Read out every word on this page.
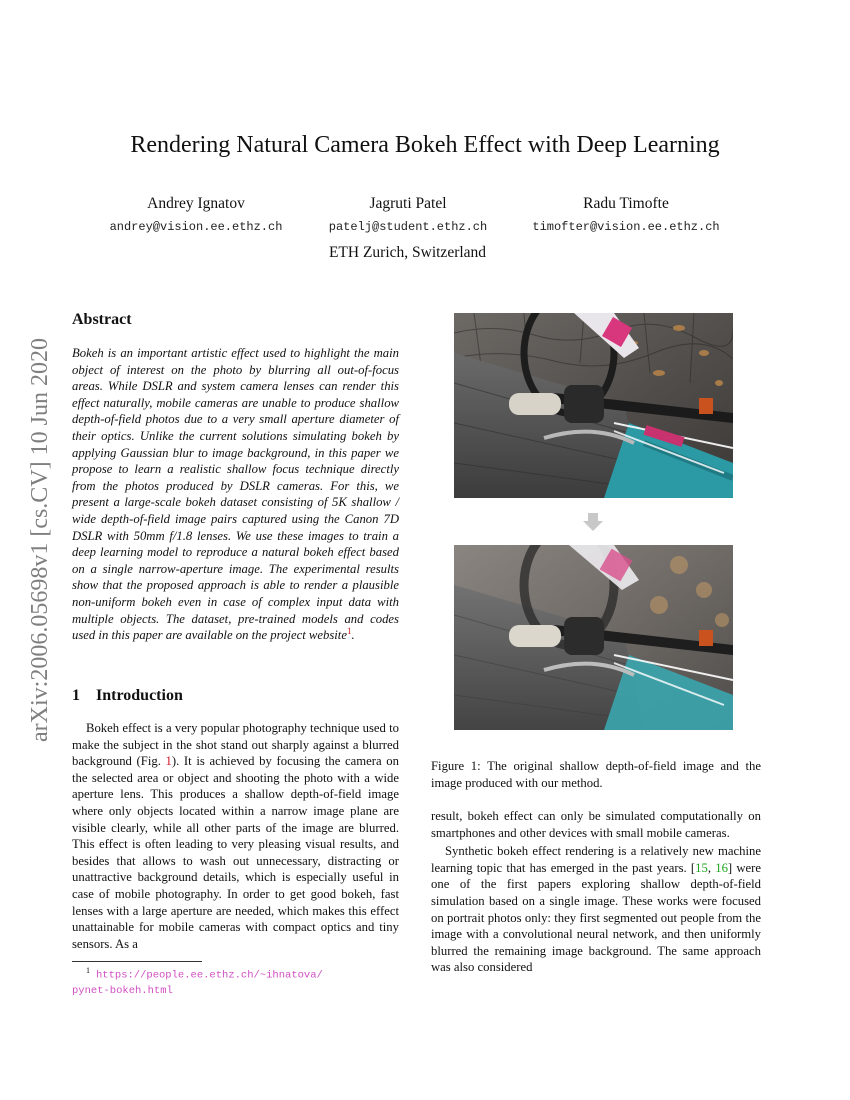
Rendering Natural Camera Bokeh Effect with Deep Learning
Andrey Ignatov
andrey@vision.ee.ethz.ch
Jagruti Patel
patelj@student.ethz.ch
Radu Timofte
timofter@vision.ee.ethz.ch
ETH Zurich, Switzerland
arXiv:2006.05698v1 [cs.CV] 10 Jun 2020
Abstract
Bokeh is an important artistic effect used to highlight the main object of interest on the photo by blurring all out-of-focus areas. While DSLR and system camera lenses can render this effect naturally, mobile cameras are unable to produce shallow depth-of-field photos due to a very small aperture diameter of their optics. Unlike the current solutions simulating bokeh by applying Gaussian blur to image background, in this paper we propose to learn a realistic shallow focus technique directly from the photos produced by DSLR cameras. For this, we present a large-scale bokeh dataset consisting of 5K shallow / wide depth-of-field image pairs captured using the Canon 7D DSLR with 50mm f/1.8 lenses. We use these images to train a deep learning model to reproduce a natural bokeh effect based on a single narrow-aperture image. The experimental results show that the proposed approach is able to render a plausible non-uniform bokeh even in case of complex input data with multiple objects. The dataset, pre-trained models and codes used in this paper are available on the project website$^1$.
1 Introduction
Bokeh effect is a very popular photography technique used to make the subject in the shot stand out sharply against a blurred background (Fig. 1). It is achieved by focusing the camera on the selected area or object and shooting the photo with a wide aperture lens. This produces a shallow depth-of-field image where only objects located within a narrow image plane are visible clearly, while all other parts of the image are blurred. This effect is often leading to very pleasing visual results, and besides that allows to wash out unnecessary, distracting or unattractive background details, which is especially useful in case of mobile photography. In order to get good bokeh, fast lenses with a large aperture are needed, which makes this effect unattainable for mobile cameras with compact optics and tiny sensors. As a
$^1$ https://people.ee.ethz.ch/~ihnatova/
pynet-bokeh.html
Figure 1: The original shallow depth-of-field image and the image produced with our method.

result, bokeh effect can only be simulated computationally on smartphones and other devices with small mobile cameras.

Synthetic bokeh effect rendering is a relatively new machine learning topic that has emerged in the past years. [15, 16] were one of the first papers exploring shallow depth-of-field simulation based on a single image. These works were focused on portrait photos only: they first segmented out people from the image with a convolutional neural network, and then uniformly blurred the remaining image background. The same approach was also considered
